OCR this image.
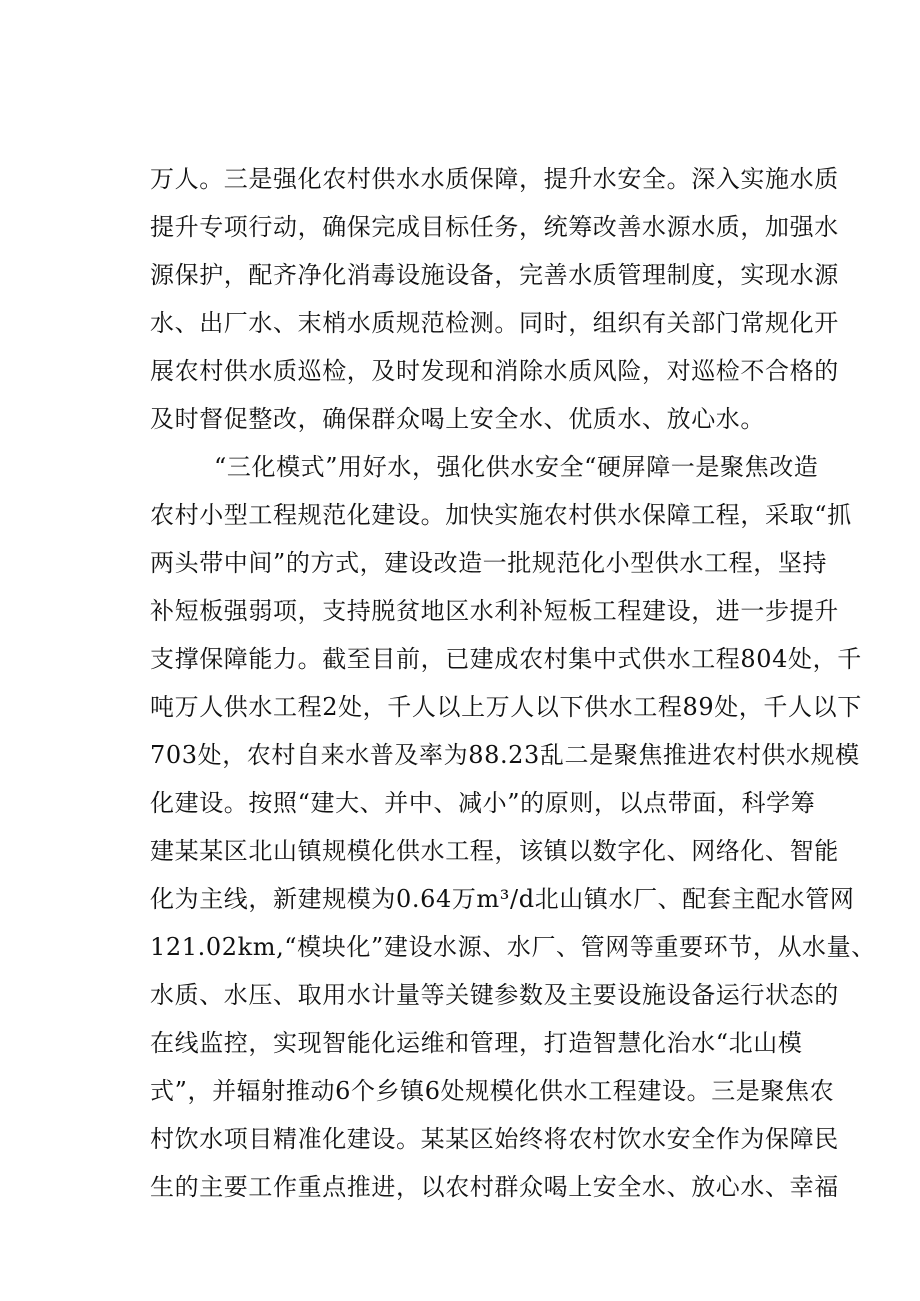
万人。三是强化农村供水水质保障，提升水安全。深入实施水质
提升专项行动，确保完成目标任务，统筹改善水源水质，加强水
源保护，配齐净化消毒设施设备，完善水质管理制度，实现水源
水、出厂水、末梢水质规范检测。同时，组织有关部门常规化开
展农村供水质巡检，及时发现和消除水质风险，对巡检不合格的
及时督促整改，确保群众喝上安全水、优质水、放心水。
“三化模式”用好水，强化供水安全“硬屏障一是聚焦改造
农村小型工程规范化建设。加快实施农村供水保障工程，采取“抓
两头带中间”的方式，建设改造一批规范化小型供水工程，坚持
补短板强弱项，支持脱贫地区水利补短板工程建设，进一步提升
支撑保障能力。截至目前，已建成农村集中式供水工程804处，千
吨万人供水工程2处，千人以上万人以下供水工程89处，千人以下
703处，农村自来水普及率为88.23乱二是聚焦推进农村供水规模
化建设。按照“建大、并中、减小”的原则，以点带面，科学筹
建某某区北山镇规模化供水工程，该镇以数字化、网络化、智能
化为主线，新建规模为0.64万m³/d北山镇水厂、配套主配水管网
121.02km,“模块化”建设水源、水厂、管网等重要环节，从水量、
水质、水压、取用水计量等关键参数及主要设施设备运行状态的
在线监控，实现智能化运维和管理，打造智慧化治水“北山模
式”，并辐射推动6个乡镇6处规模化供水工程建设。三是聚焦农
村饮水项目精准化建设。某某区始终将农村饮水安全作为保障民
生的主要工作重点推进，以农村群众喝上安全水、放心水、幸福
